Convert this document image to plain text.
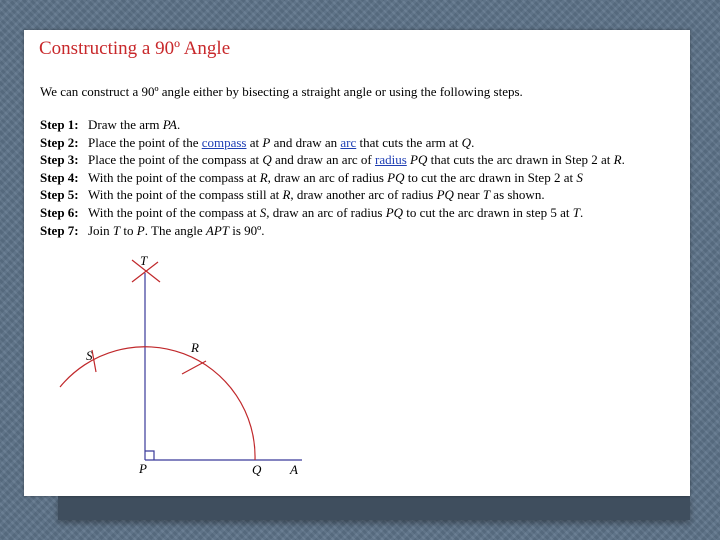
Constructing a 90º Angle

We can construct a 90º angle either by bisecting a straight angle or using the following steps.

Step 1: Draw the arm PA.
Step 2: Place the point of the compass at P and draw an arc that cuts the arm at Q.
Step 3: Place the point of the compass at Q and draw an arc of radius PQ that cuts the arc drawn in Step 2 at R.
Step 4: With the point of the compass at R, draw an arc of radius PQ to cut the arc drawn in Step 2 at S
Step 5: With the point of the compass still at R, draw another arc of radius PQ near T as shown.
Step 6: With the point of the compass at S, draw an arc of radius PQ to cut the arc drawn in step 5 at T.
Step 7: Join T to P. The angle APT is 90º.
T
S
R
P	Q A
